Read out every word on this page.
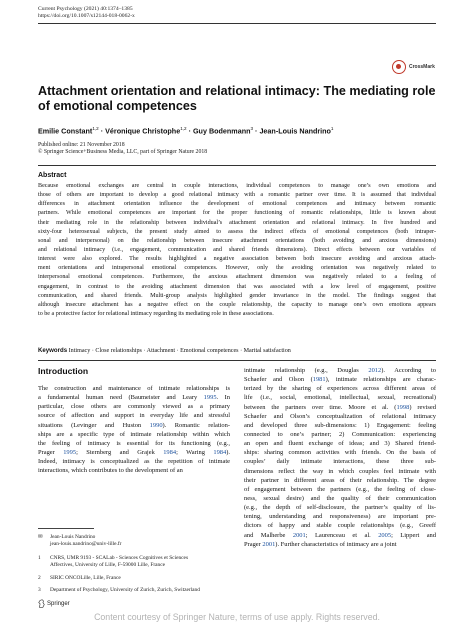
Current Psychology (2021) 40:1374–1385
https://doi.org/10.1007/s12144-018-0062-x
CrossMark
Attachment orientation and relational intimacy: The mediating role
of emotional competences
Emilie Constant$^{1,2}$ · Véronique Christophe$^{1,2}$ · Guy Bodenmann$^3$ · Jean-Louis Nandrino$^1$
Published online: 21 November 2018
© Springer Science+Business Media, LLC, part of Springer Nature 2018
Abstract
Because emotional exchanges are central in couple interactions, individual competences to manage one’s own emotions and
those of others are important to develop a good relational intimacy with a romantic partner over time. It is assumed that individual
differences in attachment orientation influence the development of emotional competences and intimacy between romantic
partners. While emotional competences are important for the proper functioning of romantic relationships, little is known about
their mediating role in the relationship between individual’s attachment orientation and relational intimacy. In five hundred and
sixty-four heterosexual subjects, the present study aimed to assess the indirect effects of emotional competences (both intraper-
sonal and interpersonal) on the relationship between insecure attachment orientations (both avoiding and anxious dimensions)
and relational intimacy (i.e., engagement, communication and shared friends dimensions). Direct effects between our variables of
interest were also explored. The results highlighted a negative association between both insecure avoiding and anxious attach-
ment orientations and intrapersonal emotional competences. However, only the avoiding orientation was negatively related to
interpersonal emotional competences. Furthermore, the anxious attachment dimension was negatively related to a feeling of
engagement, in contrast to the avoiding attachment dimension that was associated with a low level of engagement, positive
communication, and shared friends. Multi-group analysis highlighted gender invariance in the model. The findings suggest that
although insecure attachment has a negative effect on the couple relationship, the capacity to manage one’s own emotions appears
to be a protective factor for relational intimacy regarding its mediating role in these associations.
Keywords Intimacy · Close relationships · Attachment · Emotional competences · Marital satisfaction
Introduction
The construction and maintenance of intimate relationships is
a fundamental human need (Baumeister and Leary 1995. In
particular, close others are commonly viewed as a primary
source of affection and support in everyday life and stressful
situations (Levinger and Huston 1990). Romantic relation-
ships are a specific type of intimate relationship within which
the feeling of intimacy is essential for its functioning (e.g.,
Prager 1995; Sternberg and Grajek 1984; Waring 1984).
Indeed, intimacy is conceptualized as the repetition of intimate
interactions, which contributes to the development of an
intimate relationship (e.g., Douglas 2012). According to
Schaefer and Olson (1981), intimate relationships are charac-
terized by the sharing of experiences across different areas of
life (i.e., social, emotional, intellectual, sexual, recreational)
between the partners over time. Moore et al. (1998) revised
Schaefer and Olson’s conceptualization of relational intimacy
and developed three sub-dimensions: 1) Engagement: feeling
connected to one’s partner; 2) Communication: experiencing
an open and fluent exchange of ideas; and 3) Shared friend-
ships: sharing common activities with friends. On the basis of
couples’ daily intimate interactions, these three sub-
dimensions reflect the way in which couples feel intimate with
their partner in different areas of their relationship. The degree
of engagement between the partners (e.g., the feeling of close-
ness, sexual desire) and the quality of their communication
(e.g., the depth of self-disclosure, the partner’s quality of lis-
tening, understanding and responsiveness) are important pre-
dictors of happy and stable couple relationships (e.g., Greeff
and Malherbe 2001; Laurenceau et al. 2005; Lippert and
Prager 2001). Further characteristics of intimacy are a joint
✉ Jean-Louis Nandrino
jean-louis.nandrino@univ-lille.fr
1 CNRS, UMR 9193 - SCALab - Sciences Cognitives et Sciences
Affectives, University of Lille, F-59000 Lille, France
2 SIRIC ONCOLille, Lille, France
3 Department of Psychology, University of Zurich, Zurich, Switzerland
Springer
Content courtesy of Springer Nature, terms of use apply. Rights reserved.
